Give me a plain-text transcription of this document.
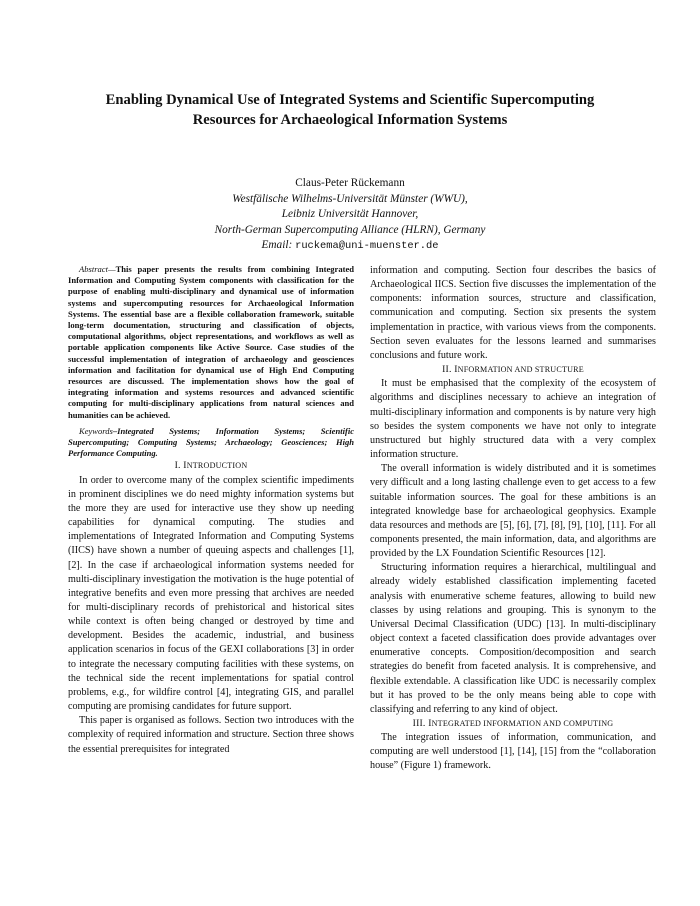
Enabling Dynamical Use of Integrated Systems and Scientific Supercomputing
Resources for Archaeological Information Systems
Claus-Peter Rückemann
Westfälische Wilhelms-Universität Münster (WWU),
Leibniz Universität Hannover,
North-German Supercomputing Alliance (HLRN), Germany
Email: ruckema@uni-muenster.de

Abstract—This paper presents the results from combining Integrated Information and Computing System components with classification for the purpose of enabling multi-disciplinary and dynamical use of information systems and supercomputing resources for Archaeological Information Systems. The essential base are a flexible collaboration framework, suitable long-term documentation, structuring and classification of objects, computational algorithms, object representations, and workflows as well as portable application components like Active Source. Case studies of the successful implementation of integration of archaeology and geosciences information and facilitation for dynamical use of High End Computing resources are discussed. The implementation shows how the goal of integrating information and systems resources and advanced scientific computing for multi-disciplinary applications from natural sciences and humanities can be achieved.

Keywords–Integrated Systems; Information Systems; Scientific Supercomputing; Computing Systems; Archaeology; Geosciences; High Performance Computing.

I. INTRODUCTION

In order to overcome many of the complex scientific impediments in prominent disciplines we do need mighty information systems but the more they are used for interactive use they show up needing capabilities for dynamical computing. The studies and implementations of Integrated Information and Computing Systems (IICS) have shown a number of queuing aspects and challenges [1], [2]. In the case if archaeological information systems needed for multi-disciplinary investigation the motivation is the huge potential of integrative benefits and even more pressing that archives are needed for multi-disciplinary records of prehistorical and historical sites while context is often being changed or destroyed by time and development. Besides the academic, industrial, and business application scenarios in focus of the GEXI collaborations [3] in order to integrate the necessary computing facilities with these systems, on the technical side the recent implementations for spatial control problems, e.g., for wildfire control [4], integrating GIS, and parallel computing are promising candidates for future support.

This paper is organised as follows. Section two introduces with the complexity of required information and structure. Section three shows the essential prerequisites for integrated

information and computing. Section four describes the basics of Archaeological IICS. Section five discusses the implementation of the components: information sources, structure and classification, communication and computing. Section six presents the system implementation in practice, with various views from the components. Section seven evaluates for the lessons learned and summarises conclusions and future work.

II. INFORMATION AND STRUCTURE

It must be emphasised that the complexity of the ecosystem of algorithms and disciplines necessary to achieve an integration of multi-disciplinary information and components is by nature very high so besides the system components we have not only to integrate unstructured but highly structured data with a very complex information structure.

The overall information is widely distributed and it is sometimes very difficult and a long lasting challenge even to get access to a few suitable information sources. The goal for these ambitions is an integrated knowledge base for archaeological geophysics. Example data resources and methods are [5], [6], [7], [8], [9], [10], [11]. For all components presented, the main information, data, and algorithms are provided by the LX Foundation Scientific Resources [12].

Structuring information requires a hierarchical, multilingual and already widely established classification implementing faceted analysis with enumerative scheme features, allowing to build new classes by using relations and grouping. This is synonym to the Universal Decimal Classification (UDC) [13]. In multi-disciplinary object context a faceted classification does provide advantages over enumerative concepts. Composition/decomposition and search strategies do benefit from faceted analysis. It is comprehensive, and flexible extendable. A classification like UDC is necessarily complex but it has proved to be the only means being able to cope with classifying and referring to any kind of object.

III. INTEGRATED INFORMATION AND COMPUTING

The integration issues of information, communication, and computing are well understood [1], [14], [15] from the “collaboration house” (Figure 1) framework.
